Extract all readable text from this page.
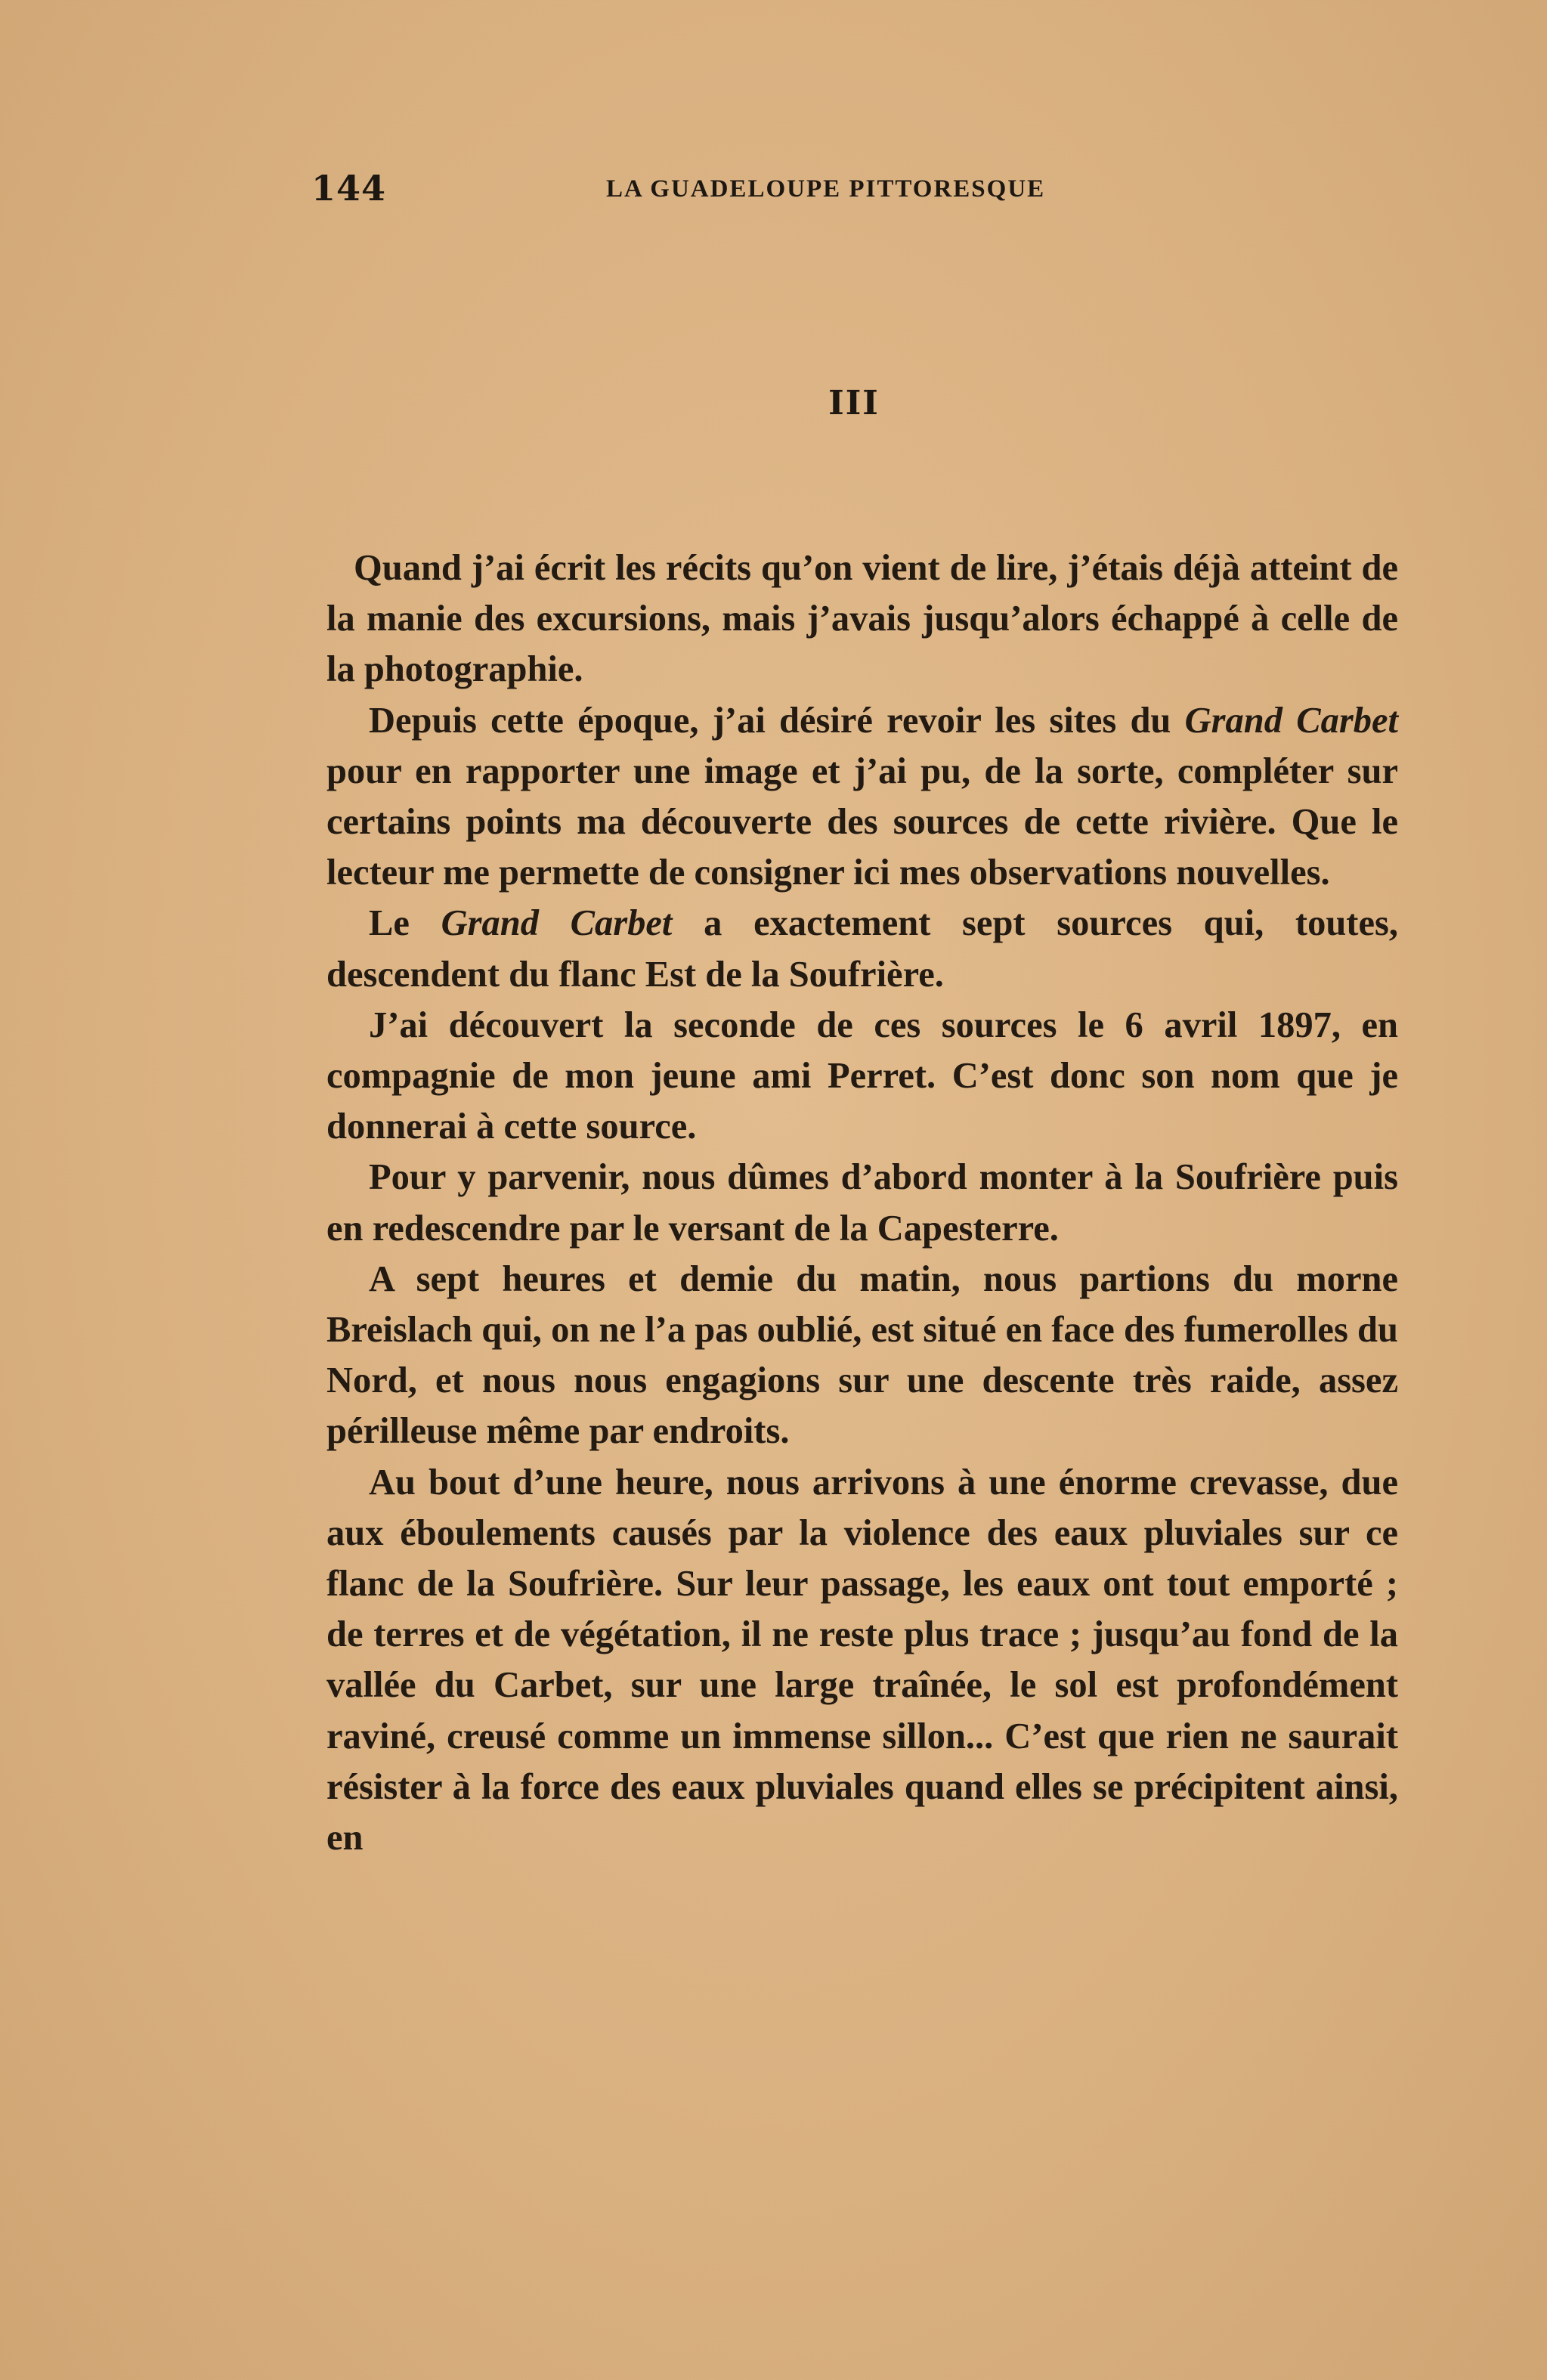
144	LA GUADELOUPE PITTORESQUE
III

Quand j’ai écrit les récits qu’on vient de lire, j’étais déjà atteint de la manie des excursions, mais j’avais jusqu’alors échappé à celle de la photographie.

Depuis cette époque, j’ai désiré revoir les sites du Grand Carbet pour en rapporter une image et j’ai pu, de la sorte, compléter sur certains points ma découverte des sources de cette rivière. Que le lecteur me permette de consigner ici mes observations nouvelles.

Le Grand Carbet a exactement sept sources qui, toutes, descendent du flanc Est de la Soufrière.

J’ai découvert la seconde de ces sources le 6 avril 1897, en compagnie de mon jeune ami Perret. C’est donc son nom que je donnerai à cette source.

Pour y parvenir, nous dûmes d’abord monter à la Soufrière puis en redescendre par le versant de la Capesterre.

A sept heures et demie du matin, nous partions du morne Breislach qui, on ne l’a pas oublié, est situé en face des fumerolles du Nord, et nous nous engagions sur une descente très raide, assez périlleuse même par endroits.

Au bout d’une heure, nous arrivons à une énorme crevasse, due aux éboulements causés par la violence des eaux pluviales sur ce flanc de la Soufrière. Sur leur passage, les eaux ont tout emporté ; de terres et de végétation, il ne reste plus trace ; jusqu’au fond de la vallée du Carbet, sur une large traînée, le sol est profondément raviné, creusé comme un immense sillon... C’est que rien ne saurait résister à la force des eaux pluviales quand elles se précipitent ainsi, en
